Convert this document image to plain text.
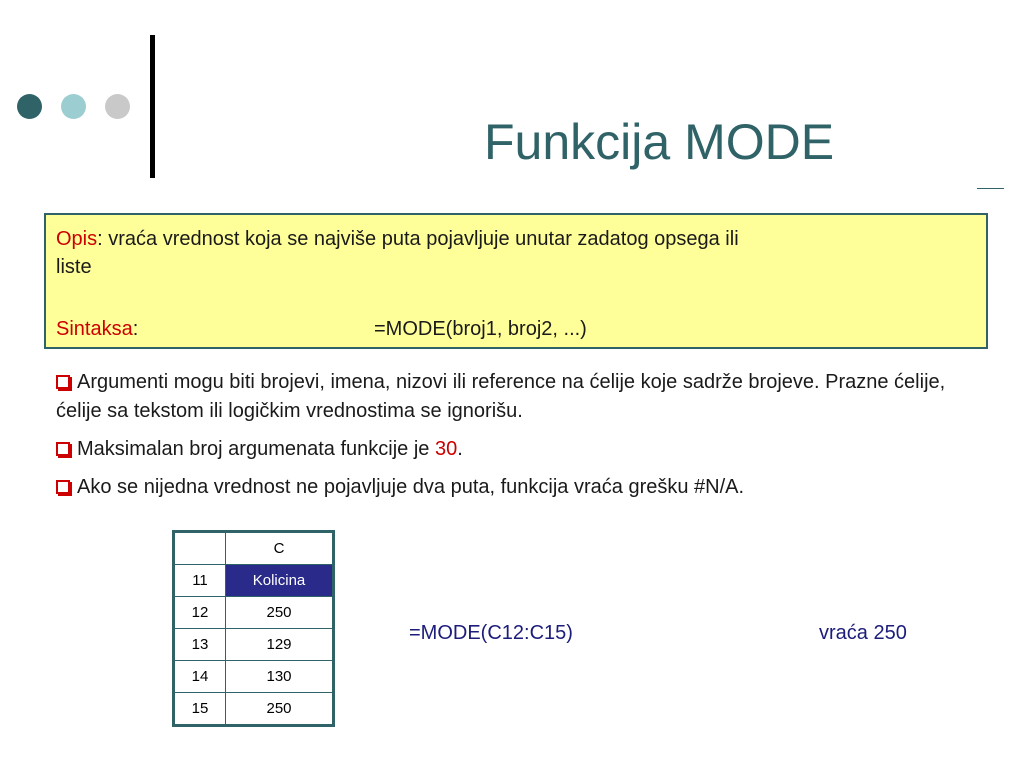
Funkcija MODE
Opis: vraća vrednost koja se najviše puta pojavljuje unutar zadatog opsega ili
liste
Sintaksa:	=MODE(broj1, broj2, ...)

Argumenti mogu biti brojevi, imena, nizovi ili reference na ćelije koje sadrže brojeve. Prazne ćelije, ćelije sa tekstom ili logičkim vrednostima se ignorišu.

Maksimalan broj argumenata funkcije je 30.

Ako se nijedna vrednost ne pojavljuje dva puta, funkcija vraća grešku #N/A.

	C
11	Kolicina
12	250
13	129
14	130
15	250
=MODE(C12:C15)	vraća 250
